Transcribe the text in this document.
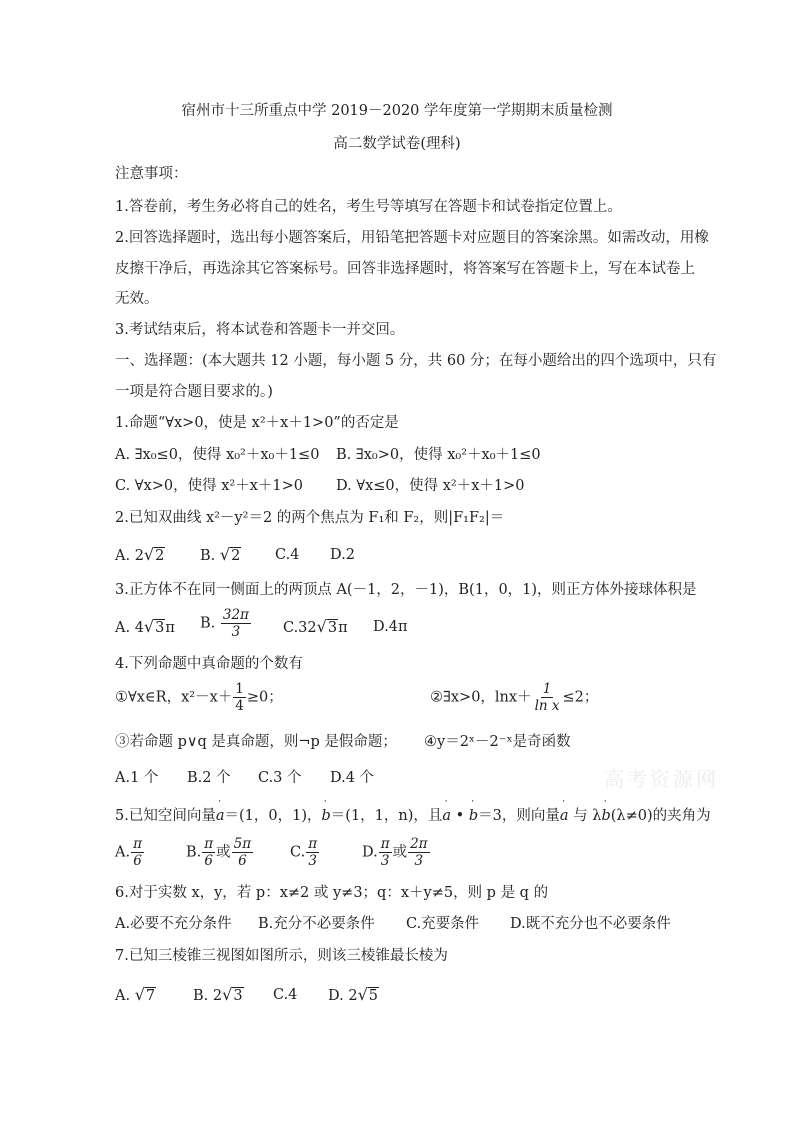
宿州市十三所重点中学 2019－2020 学年度第一学期期末质量检测
高二数学试卷(理科)
注意事项：
1.答卷前，考生务必将自己的姓名，考生号等填写在答题卡和试卷指定位置上。
2.回答选择题时，选出每小题答案后，用铅笔把答题卡对应题目的答案涂黑。如需改动，用橡
皮擦干净后，再选涂其它答案标号。回答非选择题时，将答案写在答题卡上，写在本试卷上
无效。
3.考试结束后，将本试卷和答题卡一并交回。
一、选择题：(本大题共 12 小题，每小题 5 分，共 60 分；在每小题给出的四个选项中，只有
一项是符合题目要求的。)
1.命题“∀x>0，使是 x²＋x＋1>0”的否定是
A. ∃x₀≤0，使得 x₀²＋x₀＋1≤0 B. ∃x₀>0，使得 x₀²＋x₀＋1≤0
C. ∀x>0，使得 x²＋x＋1>0 D. ∀x≤0，使得 x²＋x＋1>0
2.已知双曲线 x²－y²＝2 的两个焦点为 F₁和 F₂，则|F₁F₂|＝
A. 2√2 B. √2 C.4 D.2
3.正方体不在同一侧面上的两顶点 A(－1，2，－1)，B(1，0，1)，则正方体外接球体积是
A. 4√3π B. $\frac{32\pi}{3} C.32√3\pi$ D.4π
4.下列命题中真命题的个数有
①∀x∈R，$x^2-x+ \frac{1}{4} \ge 0$；	②∃x>0，$\ln x+ \frac{1}{\text{ln x}} \le 2$；
③若命题 p∨q 是真命题，则¬p 是假命题； ④y＝2ˣ－2⁻ˣ是奇函数
A.1 个 B.2 个 C.3 个 D.4 个
5.已知空间向量˙ a＝(1，0，1)，˙ b＝(1，1，n)，且˙ a • ˙ b＝3，则向量˙ a 与 λ˙ b(λ≠0)的夹角为
A. $\frac{\pi}{6}$	B. $\frac{\pi}{6}$ 或 $\frac{5\pi}{6}$	C. $\frac{\pi}{3}$	D. $\frac{\pi}{3}$ 或 $\frac{2\pi}{3}$
6.对于实数 x，y，若 p：x≠2 或 y≠3；q：x＋y≠5，则 p 是 q 的
A.必要不充分条件 B.充分不必要条件 C.充要条件 D.既不充分也不必要条件
7.已知三棱锥三视图如图所示，则该三棱锥最长棱为
A. √7	B. 2√3 C.4 D. 2√5
高考资源网
